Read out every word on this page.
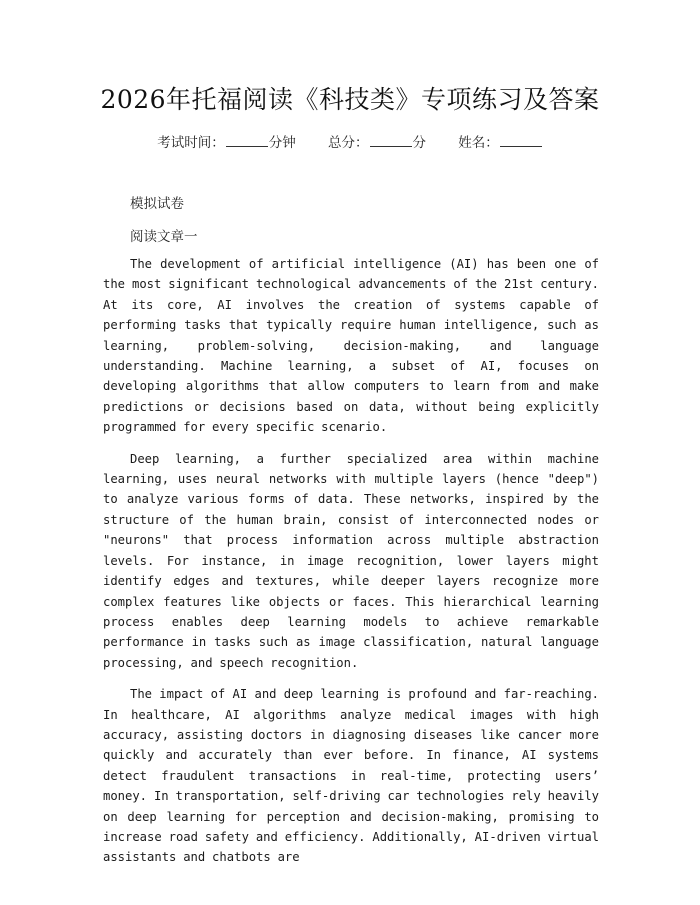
2026年托福阅读《科技类》专项练习及答案
考试时间：	分钟 总分：	分 姓名：
模拟试卷
阅读文章一

The development of artificial intelligence (AI) has been one of the most significant technological advancements of the 21st century. At its core, AI involves the creation of systems capable of performing tasks that typically require human intelligence, such as learning, problem-solving, decision-making, and language understanding. Machine learning, a subset of AI, focuses on developing algorithms that allow computers to learn from and make predictions or decisions based on data, without being explicitly programmed for every specific scenario.

Deep learning, a further specialized area within machine learning, uses neural networks with multiple layers (hence "deep") to analyze various forms of data. These networks, inspired by the structure of the human brain, consist of interconnected nodes or "neurons" that process information across multiple abstraction levels. For instance, in image recognition, lower layers might identify edges and textures, while deeper layers recognize more complex features like objects or faces. This hierarchical learning process enables deep learning models to achieve remarkable performance in tasks such as image classification, natural language processing, and speech recognition.

The impact of AI and deep learning is profound and far-reaching. In healthcare, AI algorithms analyze medical images with high accuracy, assisting doctors in diagnosing diseases like cancer more quickly and accurately than ever before. In finance, AI systems detect fraudulent transactions in real-time, protecting users’ money. In transportation, self-driving car technologies rely heavily on deep learning for perception and decision-making, promising to increase road safety and efficiency. Additionally, AI-driven virtual assistants and chatbots are
